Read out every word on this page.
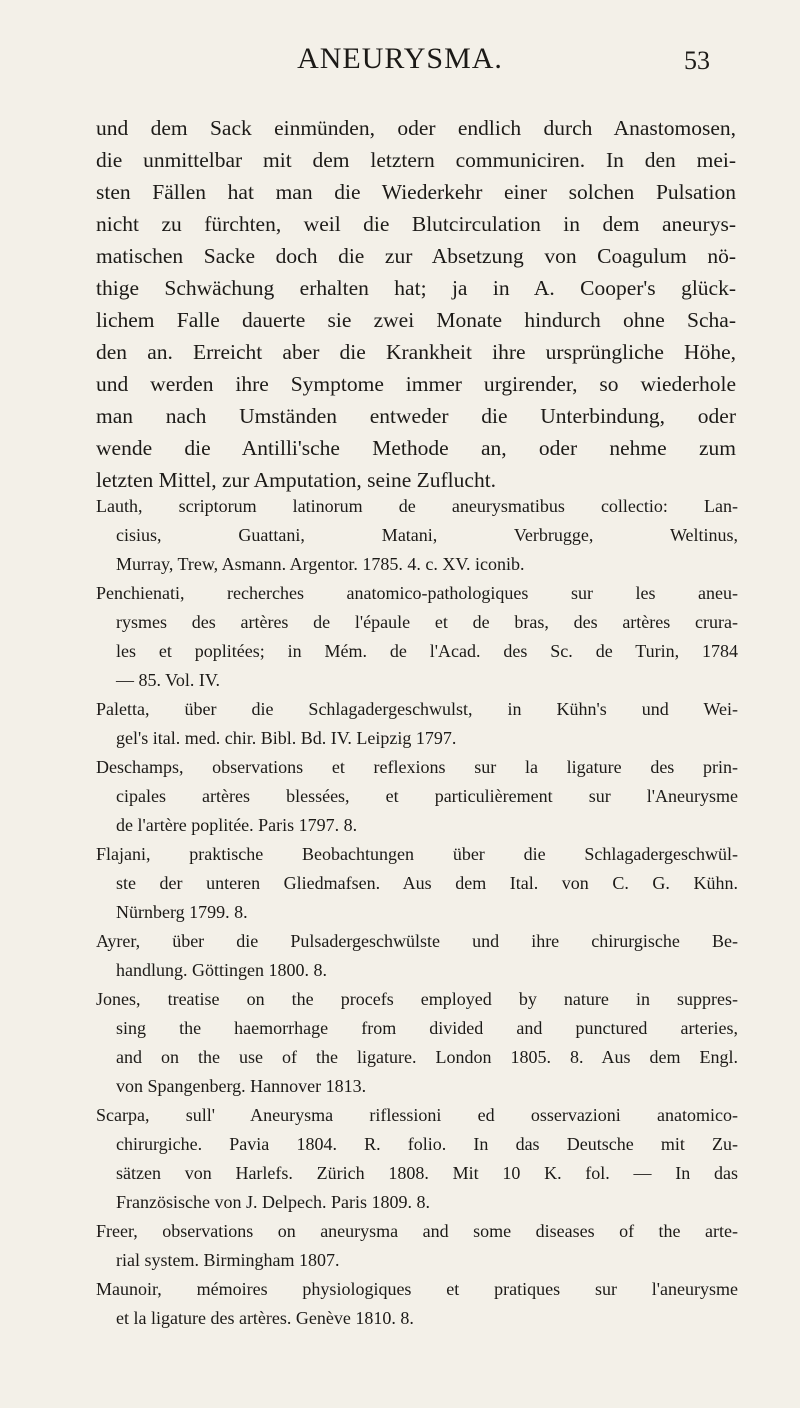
ANEURYSMA.	53
und dem Sack einmünden, oder endlich durch Anastomosen,
die unmittelbar mit dem letztern communiciren. In den mei-
sten Fällen hat man die Wiederkehr einer solchen Pulsation
nicht zu fürchten, weil die Blutcirculation in dem aneurys-
matischen Sacke doch die zur Absetzung von Coagulum nö-
thige Schwächung erhalten hat; ja in A. Cooper's glück-
lichem Falle dauerte sie zwei Monate hindurch ohne Scha-
den an. Erreicht aber die Krankheit ihre ursprüngliche Höhe,
und werden ihre Symptome immer urgirender, so wiederhole
man nach Umständen entweder die Unterbindung, oder
wende die Antilli'sche Methode an, oder nehme zum
letzten Mittel, zur Amputation, seine Zuflucht.
Lauth, scriptorum latinorum de aneurysmatibus collectio: Lan-
cisius, Guattani, Matani, Verbrugge, Weltinus,
Murray, Trew, Asmann. Argentor. 1785. 4. c. XV. iconib.
Penchienati, recherches anatomico-pathologiques sur les aneu-
rysmes des artères de l'épaule et de bras, des artères crura-
les et poplitées; in Mém. de l'Acad. des Sc. de Turin, 1784
— 85. Vol. IV.
Paletta, über die Schlagadergeschwulst, in Kühn's und Wei-
gel's ital. med. chir. Bibl. Bd. IV. Leipzig 1797.
Deschamps, observations et reflexions sur la ligature des prin-
cipales artères blessées, et particulièrement sur l'Aneurysme
de l'artère poplitée. Paris 1797. 8.
Flajani, praktische Beobachtungen über die Schlagadergeschwül-
ste der unteren Gliedmafsen. Aus dem Ital. von C. G. Kühn.
Nürnberg 1799. 8.
Ayrer, über die Pulsadergeschwülste und ihre chirurgische Be-
handlung. Göttingen 1800. 8.
Jones, treatise on the procefs employed by nature in suppres-
sing the haemorrhage from divided and punctured arteries,
and on the use of the ligature. London 1805. 8. Aus dem Engl.
von Spangenberg. Hannover 1813.
Scarpa, sull' Aneurysma riflessioni ed osservazioni anatomico-
chirurgiche. Pavia 1804. R. folio. In das Deutsche mit Zu-
sätzen von Harlefs. Zürich 1808. Mit 10 K. fol. — In das
Französische von J. Delpech. Paris 1809. 8.
Freer, observations on aneurysma and some diseases of the arte-
rial system. Birmingham 1807.
Maunoir, mémoires physiologiques et pratiques sur l'aneurysme
et la ligature des artères. Genève 1810. 8.
